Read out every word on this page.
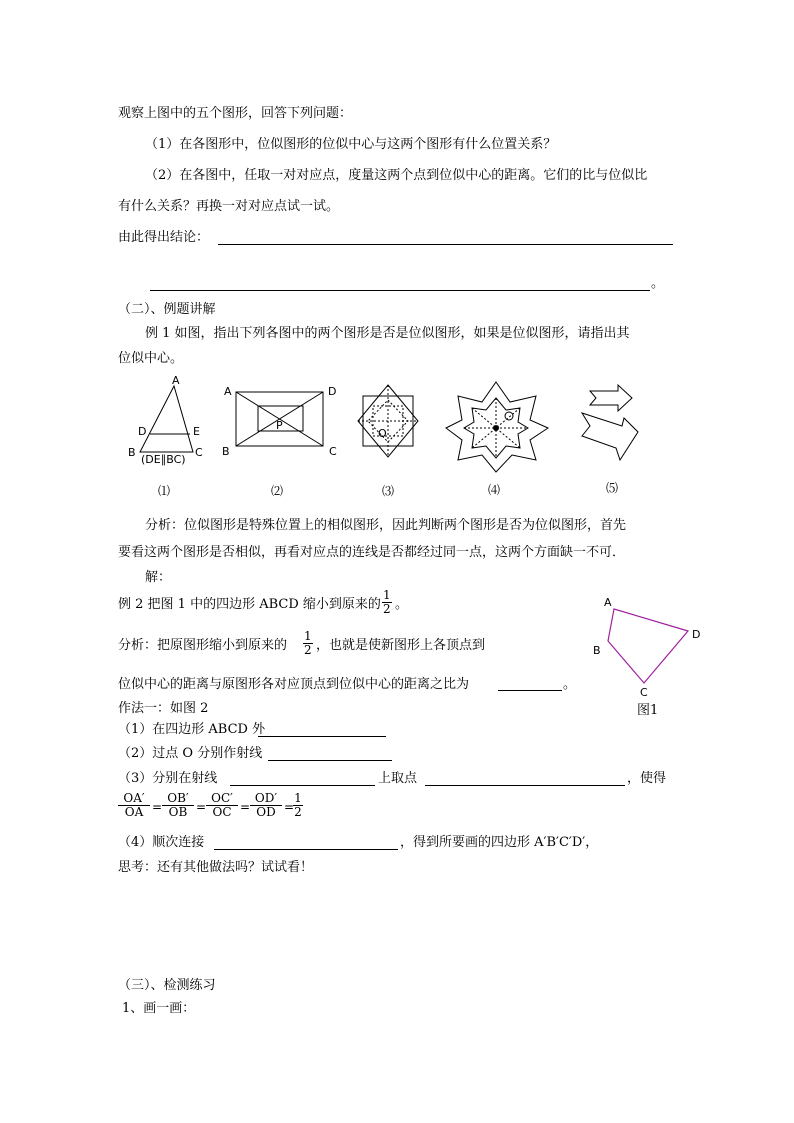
观察上图中的五个图形，回答下列问题：
（1）在各图形中，位似图形的位似中心与这两个图形有什么位置关系？
（2）在各图中，任取一对对应点，度量这两个点到位似中心的距离。它们的比与位似比
有什么关系？再换一对对应点试一试。
由此得出结论：
。
（二）、例题讲解
例 1 如图，指出下列各图中的两个图形是否是位似图形，如果是位似图形，请指出其
位似中心。
A
D	E
B	C
(DE∥BC)
A	D
B	C
P
O
⑴	⑵	⑶	⑷	⑸
分析：位似图形是特殊位置上的相似图形，因此判断两个图形是否为位似图形，首先
要看这两个图形是否相似，再看对应点的连线是否都经过同一点，这两个方面缺一不可．
解：
例 2 把图 1 中的四边形 ABCD 缩小到原来的 $\frac{1}{2}$ 。
分析：把原图形缩小到原来的 $\frac{1}{2}$ ，也就是使新图形上各顶点到
位似中心的距离与原图形各对应顶点到位似中心的距离之比为	。
A
D
B
C
图1
作法一：如图 2
（1）在四边形 ABCD 外
（2）过点 O 分别作射线
（3）分别在射线	上取点	，使得
$\frac{OA'}{OA} = \frac{OB'}{OB} = \frac{OC'}{OC} = \frac{OD'}{OD}$ =
$\frac{1}{2}$
（4）顺次连接	，得到所要画的四边形 A′B′C′D′，
思考：还有其他做法吗？试试看！
（三）、检测练习
1、画一画：
